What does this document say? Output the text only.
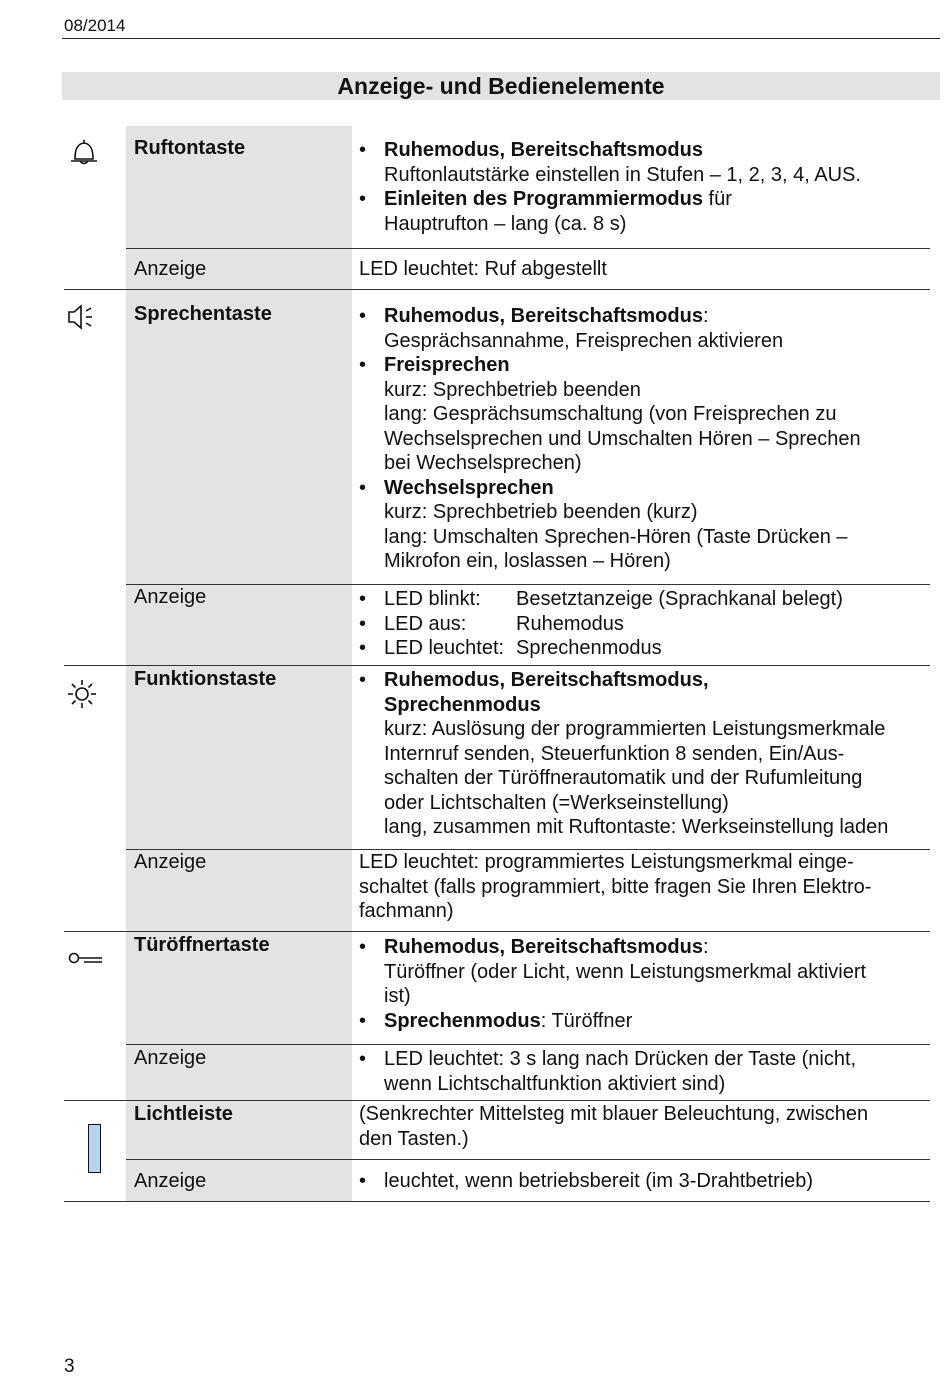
08/2014
Anzeige- und Bedienelemente
Ruftontaste	• Ruhemodus, Bereitschaftsmodus
Ruftonlautstärke einstellen in Stufen – 1, 2, 3, 4, AUS.
• Einleiten des Programmiermodus für
Hauptrufton – lang (ca. 8 s)
Anzeige	LED leuchtet: Ruf abgestellt
Sprechentaste	• Ruhemodus, Bereitschaftsmodus:
Gesprächsannahme, Freisprechen aktivieren
• Freisprechen
kurz: Sprechbetrieb beenden
lang: Gesprächsumschaltung (von Freisprechen zu
Wechselsprechen und Umschalten Hören – Sprechen
bei Wechselsprechen)
• Wechselsprechen
kurz: Sprechbetrieb beenden (kurz)
lang: Umschalten Sprechen-Hören (Taste Drücken –
Mikrofon ein, loslassen – Hören)
Anzeige	• LED blinkt: Besetztanzeige (Sprachkanal belegt)
• LED aus: Ruhemodus
• LED leuchtet: Sprechenmodus
Funktionstaste	• Ruhemodus, Bereitschaftsmodus,
Sprechenmodus
kurz: Auslösung der programmierten Leistungsmerkmale
Internruf senden, Steuerfunktion 8 senden, Ein/Aus-
schalten der Türöffnerautomatik und der Rufumleitung
oder Lichtschalten (=Werkseinstellung)
lang, zusammen mit Ruftontaste: Werkseinstellung laden
Anzeige	LED leuchtet: programmiertes Leistungsmerkmal einge-
schaltet (falls programmiert, bitte fragen Sie Ihren Elektro-
fachmann)
Türöffnertaste	• Ruhemodus, Bereitschaftsmodus:
Türöffner (oder Licht, wenn Leistungsmerkmal aktiviert
ist)
• Sprechenmodus: Türöffner
Anzeige	• LED leuchtet: 3 s lang nach Drücken der Taste (nicht,
wenn Lichtschaltfunktion aktiviert sind)
Lichtleiste	(Senkrechter Mittelsteg mit blauer Beleuchtung, zwischen
den Tasten.)
Anzeige	• leuchtet, wenn betriebsbereit (im 3-Drahtbetrieb)
3
